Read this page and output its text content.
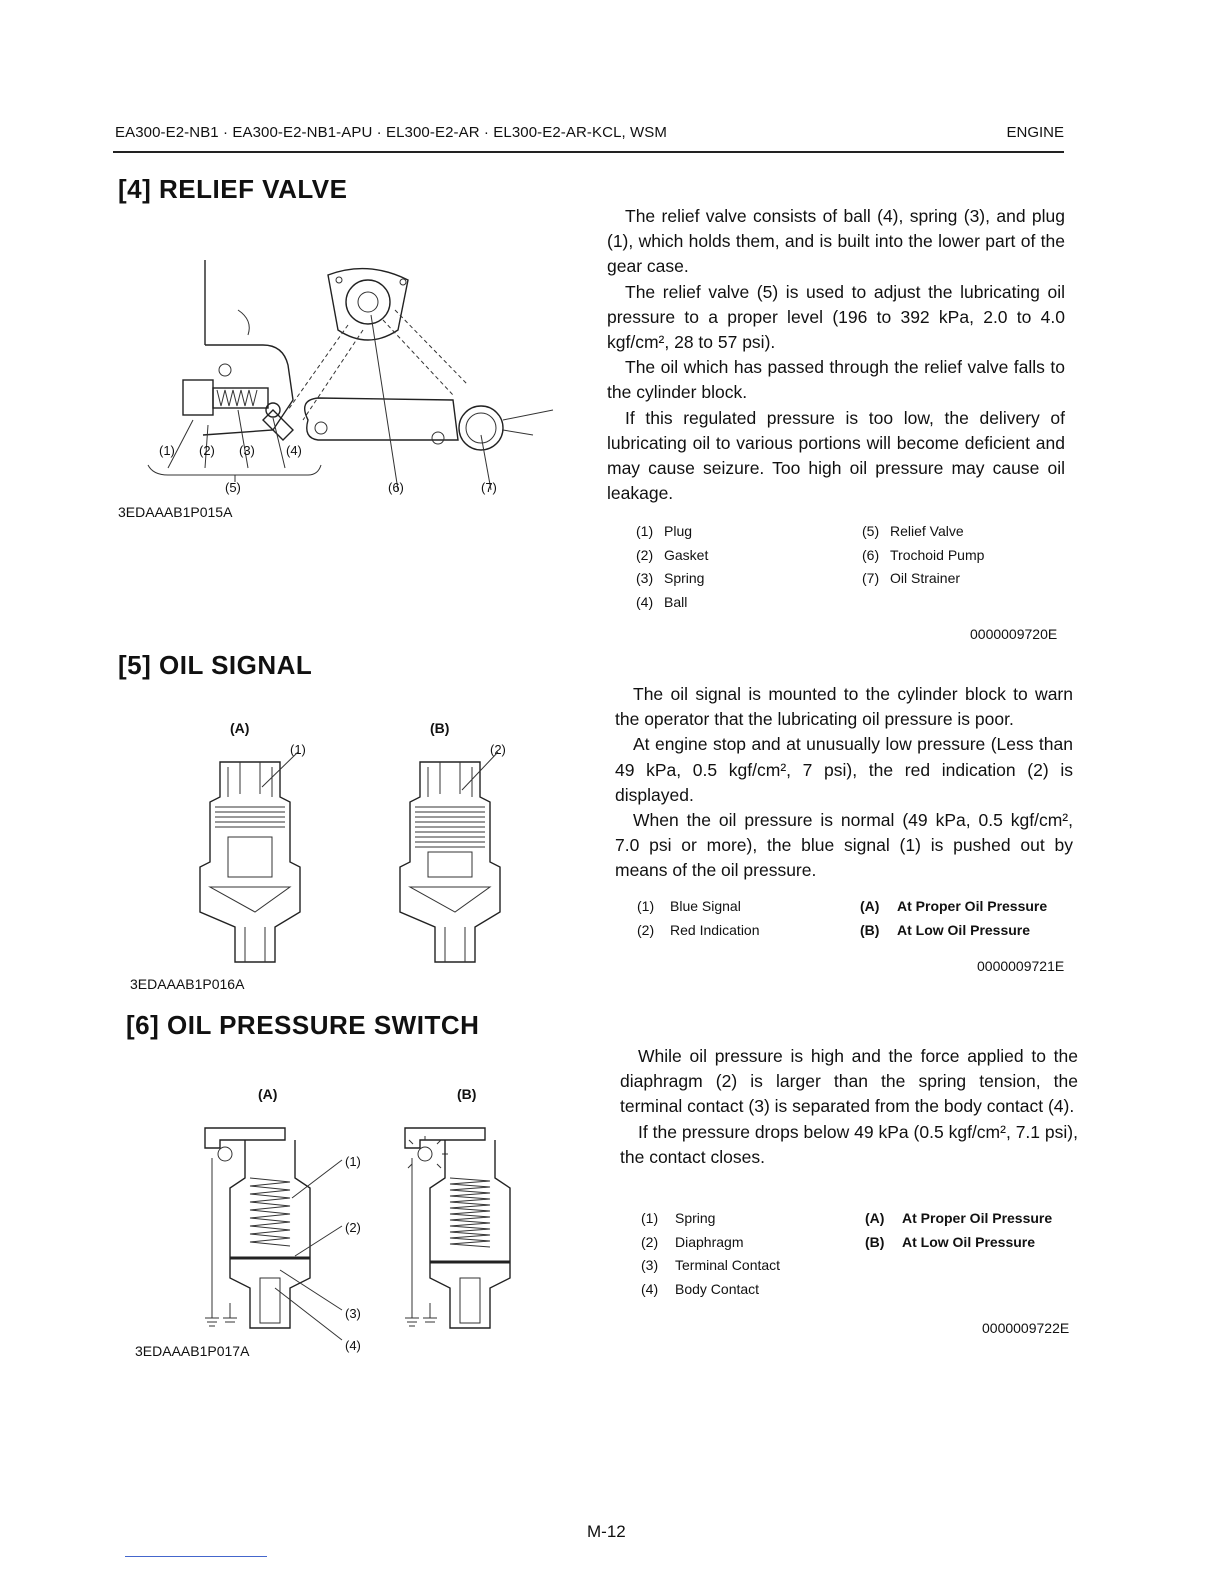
EA300-E2-NB1 · EA300-E2-NB1-APU · EL300-E2-AR · EL300-E2-AR-KCL, WSM	ENGINE
[4] RELIEF VALVE
(1) (2) (3) (4)
(5)	(6)	(7)
3EDAAAB1P015A

The relief valve consists of ball (4), spring (3), and plug (1), which holds them, and is built into the lower part of the gear case.

The relief valve (5) is used to adjust the lubricating oil pressure to a proper level (196 to 392 kPa, 2.0 to 4.0 kgf/cm², 28 to 57 psi).

The oil which has passed through the relief valve falls to the cylinder block.

If this regulated pressure is too low, the delivery of lubricating oil to various portions will become deficient and may cause seizure. Too high oil pressure may cause oil leakage.

(1) Plug
(2) Gasket
(3) Spring
(4) Ball
(5) Relief Valve
(6) Trochoid Pump
(7) Oil Strainer
0000009720E
[5] OIL SIGNAL
(A)	(B)
(1)	(2)
3EDAAAB1P016A

The oil signal is mounted to the cylinder block to warn the operator that the lubricating oil pressure is poor.

At engine stop and at unusually low pressure (Less than 49 kPa, 0.5 kgf/cm², 7 psi), the red indication (2) is displayed.

When the oil pressure is normal (49 kPa, 0.5 kgf/cm², 7.0 psi or more), the blue signal (1) is pushed out by means of the oil pressure.

(1)	Blue Signal
(2)	Red Indication
(A)	At Proper Oil Pressure
(B)	At Low Oil Pressure
0000009721E
[6] OIL PRESSURE SWITCH
(A)	(B)
(1)
(2)
(3)
(4)
3EDAAAB1P017A

While oil pressure is high and the force applied to the diaphragm (2) is larger than the spring tension, the terminal contact (3) is separated from the body contact (4).

If the pressure drops below 49 kPa (0.5 kgf/cm², 7.1 psi), the contact closes.

(1)	Spring
(2)	Diaphragm
(3)	Terminal Contact
(4)	Body Contact
(A)	At Proper Oil Pressure
(B)	At Low Oil Pressure
0000009722E
M-12
